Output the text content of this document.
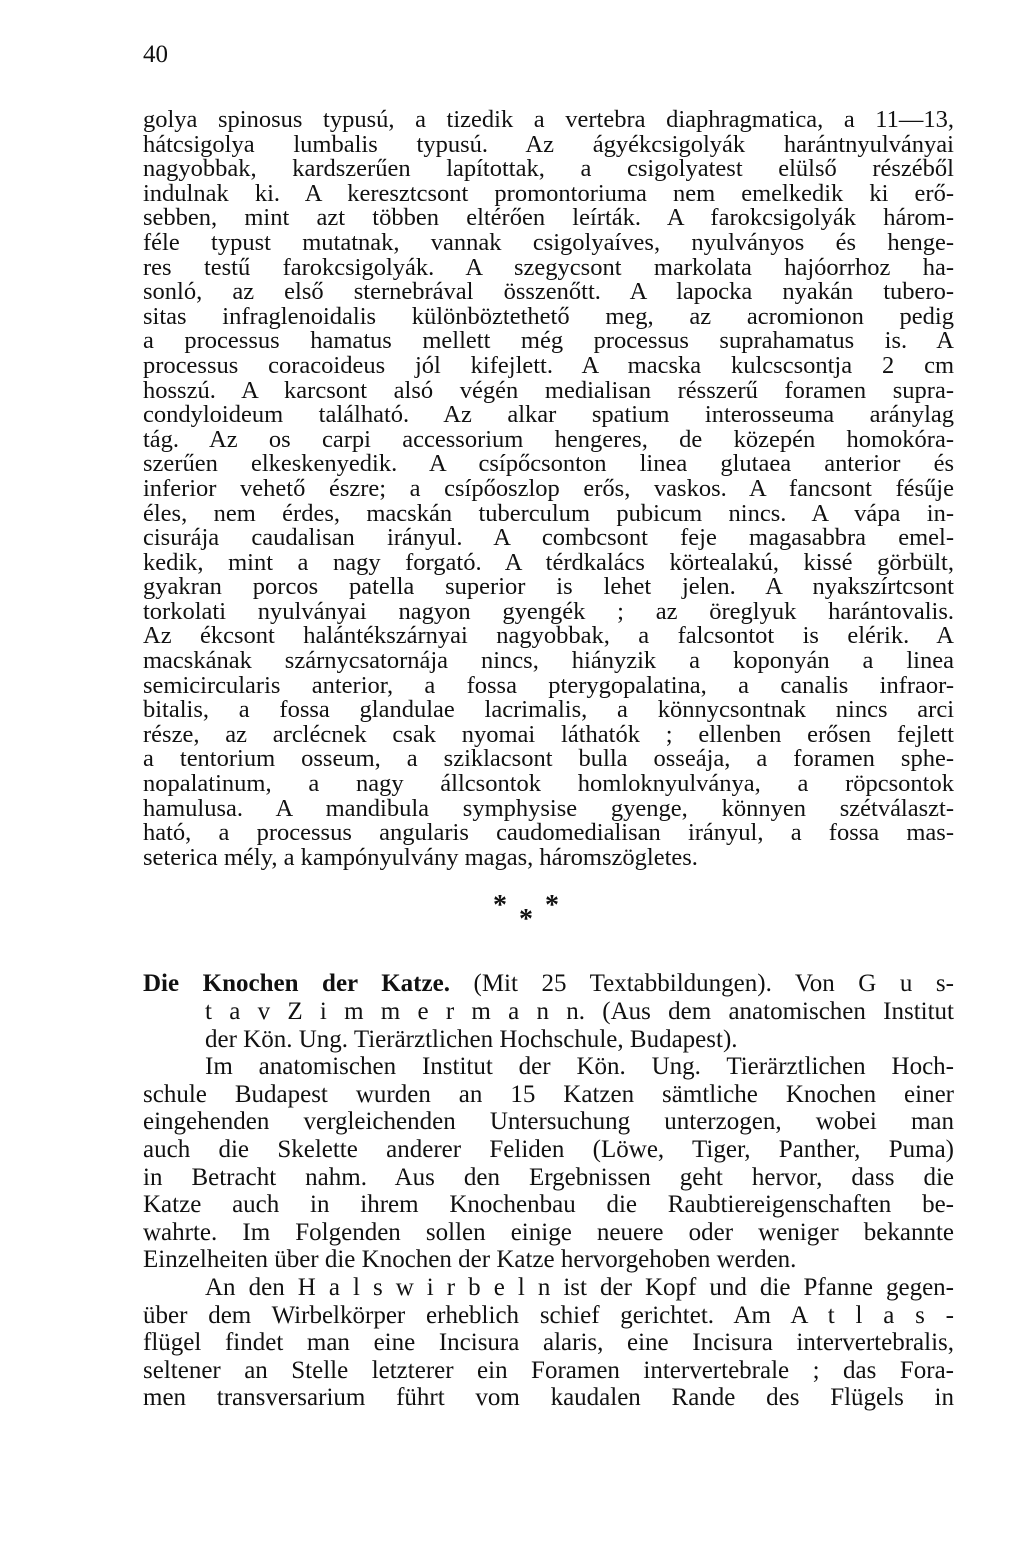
40
golya spinosus typusú, a tizedik a vertebra diaphragmatica, a 11—13,
hátcsigolya lumbalis typusú. Az ágyékcsigolyák harántnyulványai
nagyobbak, kardszerűen lapítottak, a csigolyatest elülső részéből
indulnak ki. A keresztcsont promontoriuma nem emelkedik ki erő-
sebben, mint azt többen eltérően leírták. A farokcsigolyák három-
féle typust mutatnak, vannak csigolyaíves, nyulványos és henge-
res testű farokcsigolyák. A szegycsont markolata hajóorrhoz ha-
sonló, az első sternebrával összenőtt. A lapocka nyakán tubero-
sitas infraglenoidalis különböztethető meg, az acromionon pedig
a processus hamatus mellett még processus suprahamatus is. A
processus coracoideus jól kifejlett. A macska kulcscsontja 2 cm
hosszú. A karcsont alsó végén medialisan résszerű foramen supra-
condyloideum található. Az alkar spatium interosseuma aránylag
tág. Az os carpi accessorium hengeres, de közepén homokóra-
szerűen elkeskenyedik. A csípőcsonton linea glutaea anterior és
inferior vehető észre; a csípőoszlop erős, vaskos. A fancsont fésűje
éles, nem érdes, macskán tuberculum pubicum nincs. A vápa in-
cisurája caudalisan irányul. A combcsont feje magasabbra emel-
kedik, mint a nagy forgató. A térdkalács körtealakú, kissé görbült,
gyakran porcos patella superior is lehet jelen. A nyakszírtcsont
torkolati nyulványai nagyon gyengék ; az öreglyuk harántovalis.
Az ékcsont halántékszárnyai nagyobbak, a falcsontot is elérik. A
macskának szárnycsatornája nincs, hiányzik a koponyán a linea
semicircularis anterior, a fossa pterygopalatina, a canalis infraor-
bitalis, a fossa glandulae lacrimalis, a könnycsontnak nincs arci
része, az arclécnek csak nyomai láthatók ; ellenben erősen fejlett
a tentorium osseum, a sziklacsont bulla osseája, a foramen sphe-
nopalatinum, a nagy állcsontok homloknyulványa, a röpcsontok
hamulusa. A mandibula symphysise gyenge, könnyen szétválaszt-
ható, a processus angularis caudomedialisan irányul, a fossa mas-
seterica mély, a kampónyulvány magas, háromszögletes.
* * *
Die Knochen der Katze. (Mit 25 Textabbildungen). Von G u s-
t a v Z i m m e r m a n n. (Aus dem anatomischen Institut
der Kön. Ung. Tierärztlichen Hochschule, Budapest).
Im anatomischen Institut der Kön. Ung. Tierärztlichen Hoch-
schule Budapest wurden an 15 Katzen sämtliche Knochen einer
eingehenden vergleichenden Untersuchung unterzogen, wobei man
auch die Skelette anderer Feliden (Löwe, Tiger, Panther, Puma)
in Betracht nahm. Aus den Ergebnissen geht hervor, dass die
Katze auch in ihrem Knochenbau die Raubtiereigenschaften be-
wahrte. Im Folgenden sollen einige neuere oder weniger bekannte
Einzelheiten über die Knochen der Katze hervorgehoben werden.
An den H a l s w i r b e l n ist der Kopf und die Pfanne gegen-
über dem Wirbelkörper erheblich schief gerichtet. Am A t l a s -
flügel findet man eine Incisura alaris, eine Incisura intervertebralis,
seltener an Stelle letzterer ein Foramen intervertebrale ; das Fora-
men transversarium führt vom kaudalen Rande des Flügels in
